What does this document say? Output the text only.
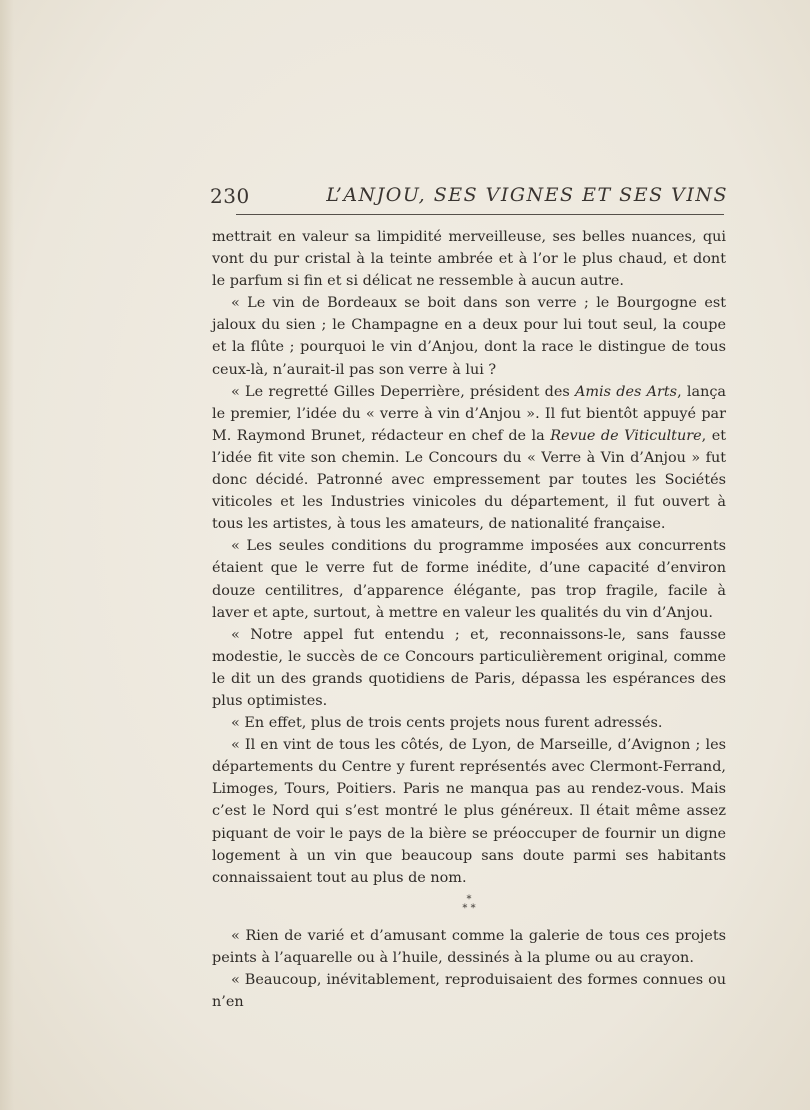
230	L’ANJOU, SES VIGNES ET SES VINS

mettrait en valeur sa limpidité merveilleuse, ses belles nuances, qui vont du pur cristal à la teinte ambrée et à l’or le plus chaud, et dont le parfum si fin et si délicat ne ressemble à aucun autre.

« Le vin de Bordeaux se boit dans son verre ; le Bourgogne est jaloux du sien ; le Champagne en a deux pour lui tout seul, la coupe et la flûte ; pourquoi le vin d’Anjou, dont la race le distingue de tous ceux-là, n’aurait-il pas son verre à lui ?

« Le regretté Gilles Deperrière, président des Amis des Arts, lança le premier, l’idée du « verre à vin d’Anjou ». Il fut bientôt appuyé par M. Raymond Brunet, rédacteur en chef de la Revue de Viticulture, et l’idée fit vite son chemin. Le Concours du « Verre à Vin d’Anjou » fut donc décidé. Patronné avec empressement par toutes les Sociétés viticoles et les Industries vinicoles du département, il fut ouvert à tous les artistes, à tous les amateurs, de nationalité française.

« Les seules conditions du programme imposées aux concurrents étaient que le verre fut de forme inédite, d’une capacité d’environ douze centilitres, d’apparence élégante, pas trop fragile, facile à laver et apte, surtout, à mettre en valeur les qualités du vin d’Anjou.

« Notre appel fut entendu ; et, reconnaissons-le, sans fausse modestie, le succès de ce Concours particulièrement original, comme le dit un des grands quotidiens de Paris, dépassa les espérances des plus optimistes.

« En effet, plus de trois cents projets nous furent adressés.

« Il en vint de tous les côtés, de Lyon, de Marseille, d’Avignon ; les départements du Centre y furent représentés avec Clermont-Ferrand, Limoges, Tours, Poitiers. Paris ne manqua pas au rendez-vous. Mais c’est le Nord qui s’est montré le plus généreux. Il était même assez piquant de voir le pays de la bière se préoccuper de fournir un digne logement à un vin que beaucoup sans doute parmi ses habitants connaissaient tout au plus de nom.

*
* *

« Rien de varié et d’amusant comme la galerie de tous ces projets peints à l’aquarelle ou à l’huile, dessinés à la plume ou au crayon.

« Beaucoup, inévitablement, reproduisaient des formes connues ou n’en
